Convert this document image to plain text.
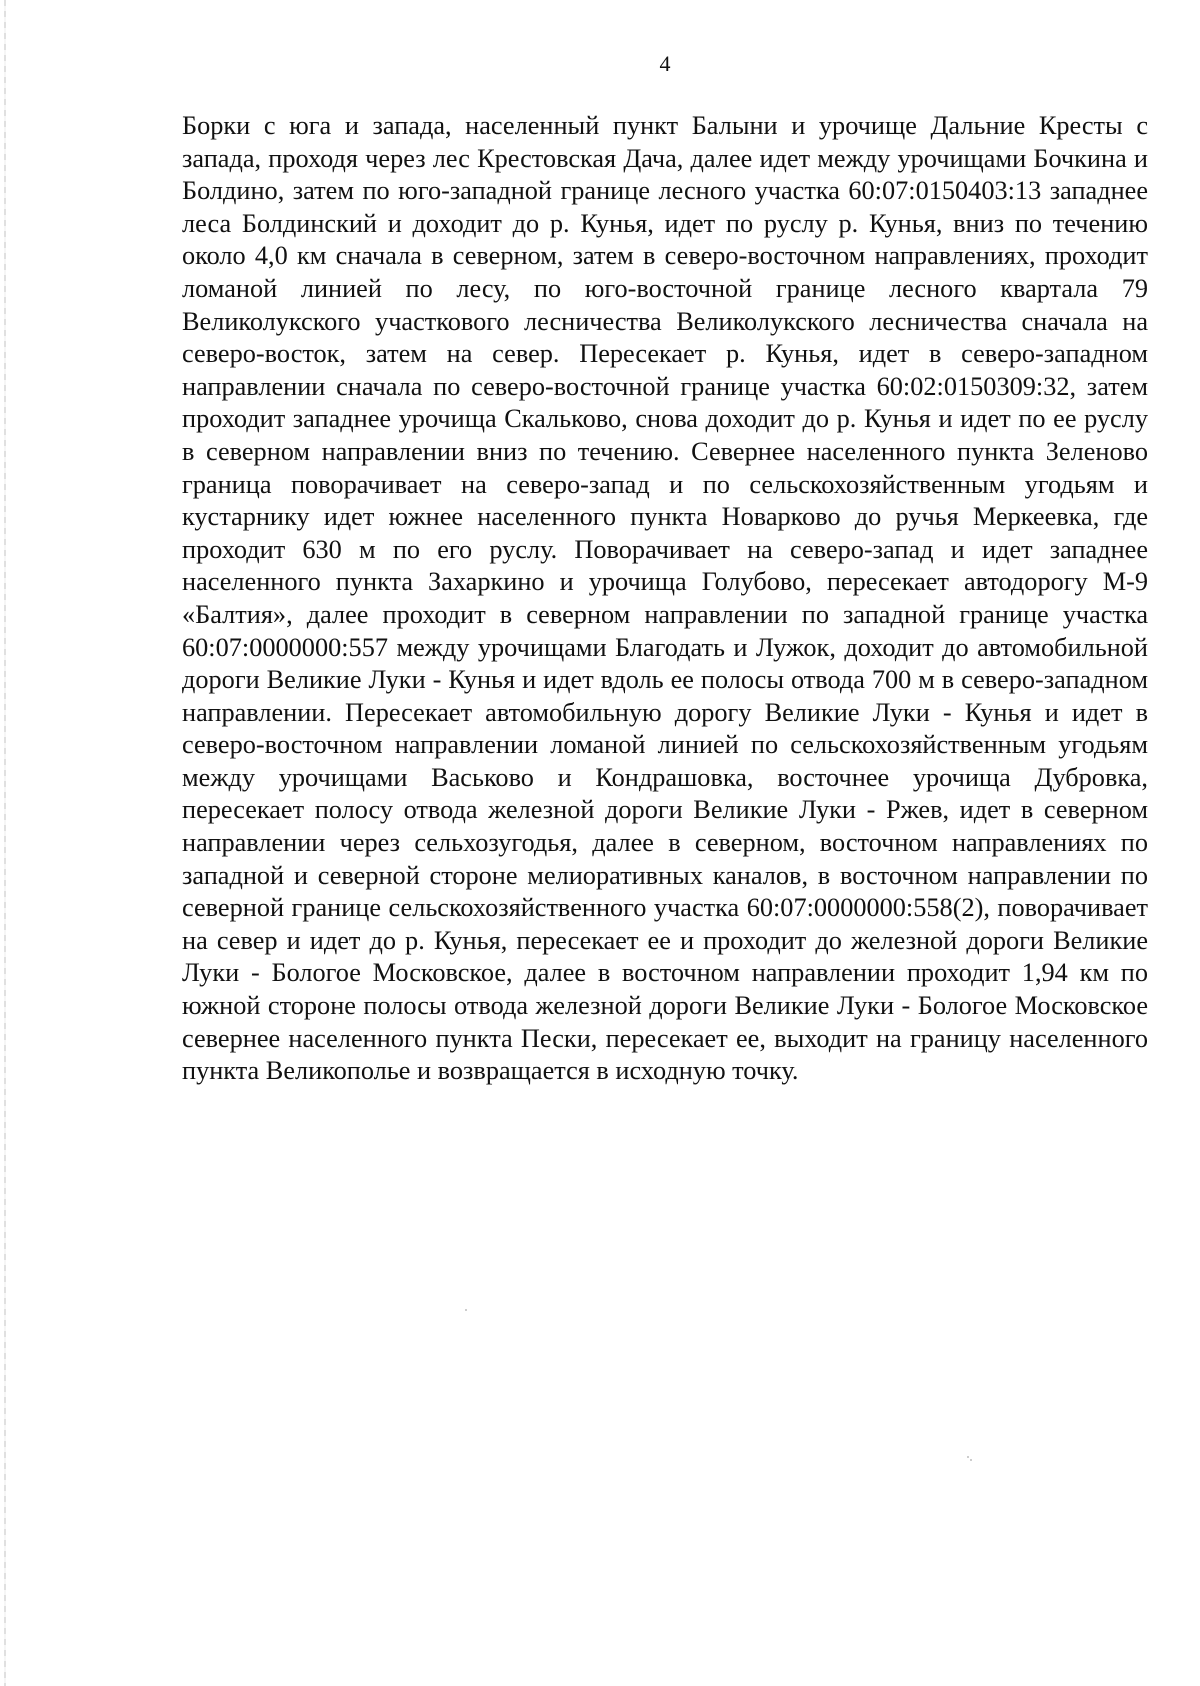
4

Борки с юга и запада, населенный пункт Балыни и урочище Дальние Кресты с запада, проходя через лес Крестовская Дача, далее идет между урочищами Бочкина и Болдино, затем по юго-западной границе лесного участка 60:07:0150403:13 западнее леса Болдинский и доходит до р. Кунья, идет по руслу р. Кунья, вниз по течению около 4,0 км сначала в северном, затем в северо-восточном направлениях, проходит ломаной линией по лесу, по юго-восточной границе лесного квартала 79 Великолукского участкового лесничества Великолукского лесничества сначала на северо-восток, затем на север. Пересекает р. Кунья, идет в северо-западном направлении сначала по северо-восточной границе участка 60:02:0150309:32, затем проходит западнее урочища Скальково, снова доходит до р. Кунья и идет по ее руслу в северном направлении вниз по течению. Севернее населенного пункта Зеленово граница поворачивает на северо-запад и по сельскохозяйственным угодьям и кустарнику идет южнее населенного пункта Новарково до ручья Меркеевка, где проходит 630 м по его руслу. Поворачивает на северо-запад и идет западнее населенного пункта Захаркино и урочища Голубово, пересекает автодорогу М-9 «Балтия», далее проходит в северном направлении по западной границе участка 60:07:0000000:557 между урочищами Благодать и Лужок, доходит до автомобильной дороги Великие Луки - Кунья и идет вдоль ее полосы отвода 700 м в северо-западном направлении. Пересекает автомобильную дорогу Великие Луки - Кунья и идет в северо-восточном направлении ломаной линией по сельскохозяйственным угодьям между урочищами Васьково и Кондрашовка, восточнее урочища Дубровка, пересекает полосу отвода железной дороги Великие Луки - Ржев, идет в северном направлении через сельхозугодья, далее в северном, восточном направлениях по западной и северной стороне мелиоративных каналов, в восточном направлении по северной границе сельскохозяйственного участка 60:07:0000000:558(2), поворачивает на север и идет до р. Кунья, пересекает ее и проходит до железной дороги Великие Луки - Бологое Московское, далее в восточном направлении проходит 1,94 км по южной стороне полосы отвода железной дороги Великие Луки - Бологое Московское севернее населенного пункта Пески, пересекает ее, выходит на границу населенного пункта Великополье и возвращается в исходную точку.
